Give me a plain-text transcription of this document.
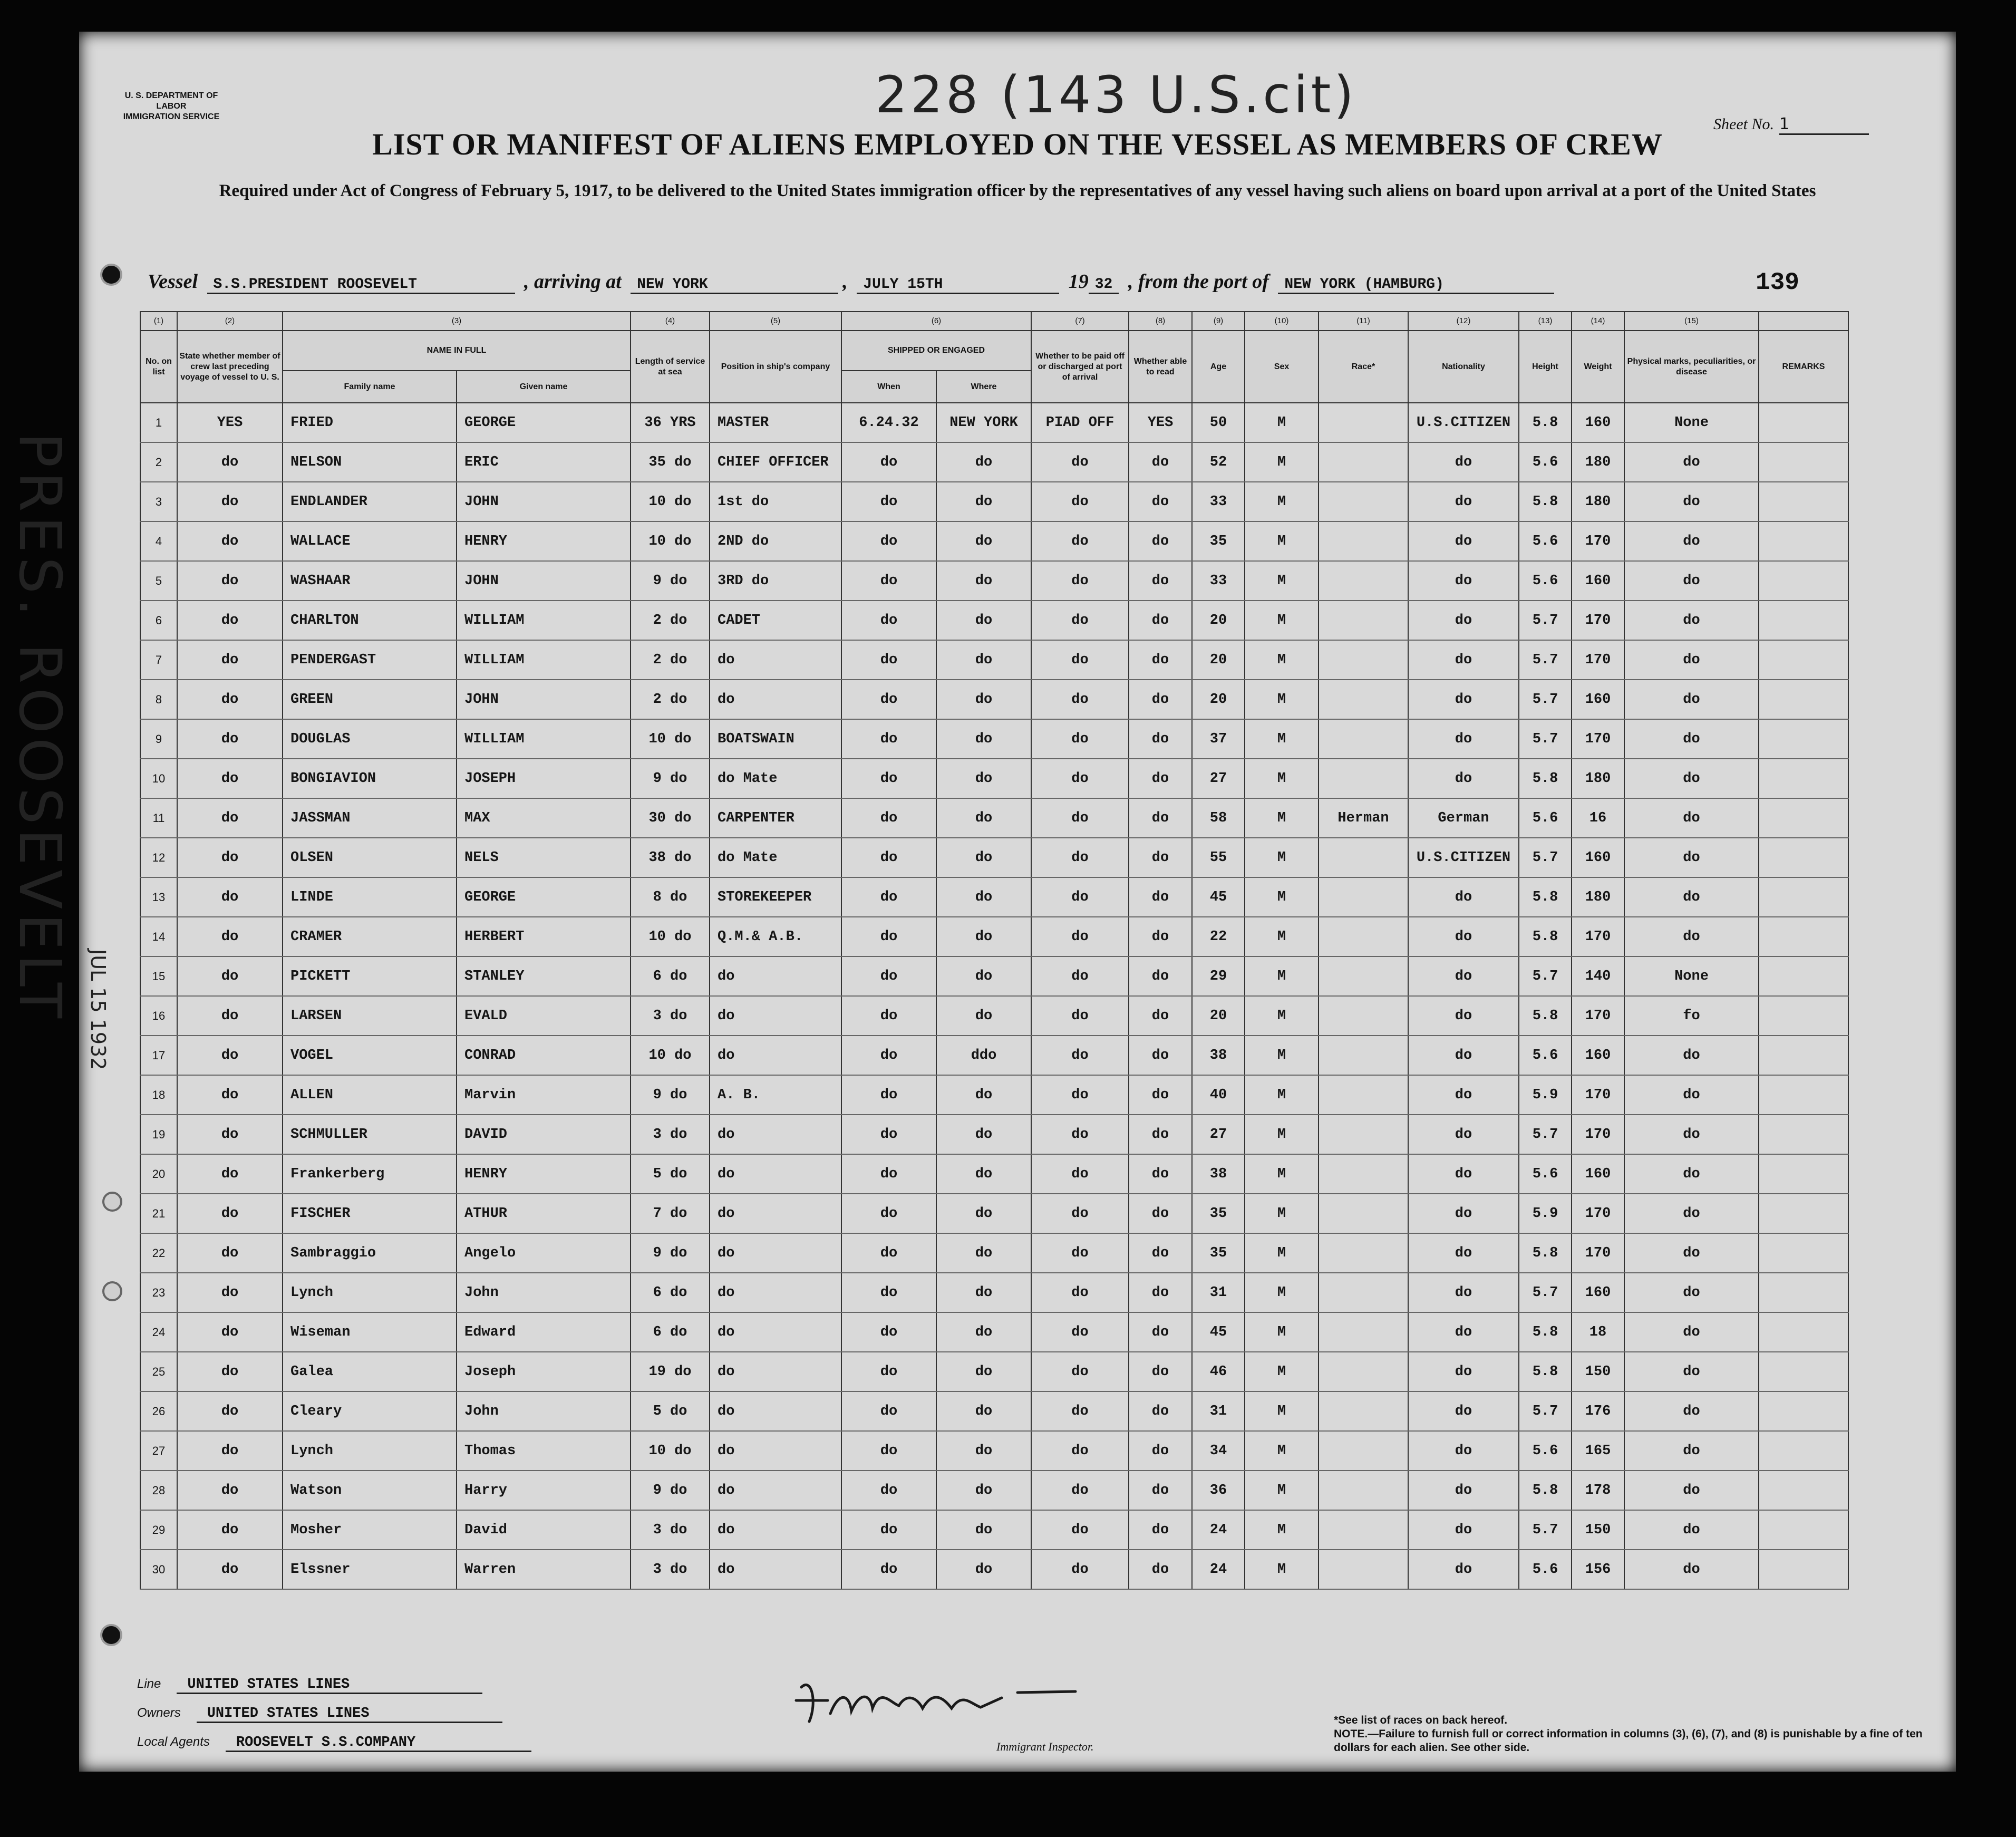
U. S. DEPARTMENT OF LABOR
IMMIGRATION SERVICE	228 (143 U.S.cit)	Sheet No. 1
LIST OR MANIFEST OF ALIENS EMPLOYED ON THE VESSEL AS MEMBERS OF CREW
Required under Act of Congress of February 5, 1917, to be delivered to the United States immigration officer by the representatives of any vessel having such aliens on board upon arrival at a port of the United States
Vessel S.S.PRESIDENT ROOSEVELT	, arriving at NEW YORK	, JULY 15TH	19 32 , from the port of NEW YORK (HAMBURG)	139
(1)	(2)	(3)		(4)	(5)	(6)		(7)	(8)	(9)	(10)	(11)	(12)	(13)	(14)	(15)	
No. on list	State whether member of crew last preceding voyage of vessel to U. S.	NAME IN FULL		Length of service at sea	Position in ship's company	SHIPPED OR ENGAGED		Whether to be paid off or discharged at port of arrival	Whether able to read	Age	Sex	Race*	Nationality	Height	Weight	Physical marks, peculiarities, or disease	REMARKS
		Family name	Given name			When	Where										
1	YES	FRIED	GEORGE	36 YRS	MASTER	6.24.32	NEW YORK	PIAD OFF	YES	50	M		U.S.CITIZEN	5.8	160	None	
2	do	NELSON	ERIC	35 do	CHIEF OFFICER	do	do	do	do	52	M		do	5.6	180	do	
3	do	ENDLANDER	JOHN	10 do	1st do	do	do	do	do	33	M		do	5.8	180	do	
4	do	WALLACE	HENRY	10 do	2ND do	do	do	do	do	35	M		do	5.6	170	do	
5	do	WASHAAR	JOHN	9 do	3RD do	do	do	do	do	33	M		do	5.6	160	do	
6	do	CHARLTON	WILLIAM	2 do	CADET	do	do	do	do	20	M		do	5.7	170	do	
7	do	PENDERGAST	WILLIAM	2 do	do	do	do	do	do	20	M		do	5.7	170	do	
8	do	GREEN	JOHN	2 do	do	do	do	do	do	20	M		do	5.7	160	do	
9	do	DOUGLAS	WILLIAM	10 do	BOATSWAIN	do	do	do	do	37	M		do	5.7	170	do	
10	do	BONGIAVION	JOSEPH	9 do	do Mate	do	do	do	do	27	M		do	5.8	180	do	
11	do	JASSMAN	MAX	30 do	CARPENTER	do	do	do	do	58	M	Herman	German	5.6	16	do	
12	do	OLSEN	NELS	38 do	do Mate	do	do	do	do	55	M		U.S.CITIZEN	5.7	160	do	
13	do	LINDE	GEORGE	8 do	STOREKEEPER	do	do	do	do	45	M		do	5.8	180	do	
14	do	CRAMER	HERBERT	10 do	Q.M.& A.B.	do	do	do	do	22	M		do	5.8	170	do	
15	do	PICKETT	STANLEY	6 do	do	do	do	do	do	29	M		do	5.7	140	None	
16	do	LARSEN	EVALD	3 do	do	do	do	do	do	20	M		do	5.8	170	fo	
17	do	VOGEL	CONRAD	10 do	do	do	ddo	do	do	38	M		do	5.6	160	do	
18	do	ALLEN	Marvin	9 do	A. B.	do	do	do	do	40	M		do	5.9	170	do	
19	do	SCHMULLER	DAVID	3 do	do	do	do	do	do	27	M		do	5.7	170	do	
20	do	Frankerberg	HENRY	5 do	do	do	do	do	do	38	M		do	5.6	160	do	
21	do	FISCHER	ATHUR	7 do	do	do	do	do	do	35	M		do	5.9	170	do	
22	do	Sambraggio	Angelo	9 do	do	do	do	do	do	35	M		do	5.8	170	do	
23	do	Lynch	John	6 do	do	do	do	do	do	31	M		do	5.7	160	do	
24	do	Wiseman	Edward	6 do	do	do	do	do	do	45	M		do	5.8	18	do	
25	do	Galea	Joseph	19 do	do	do	do	do	do	46	M		do	5.8	150	do	
26	do	Cleary	John	5 do	do	do	do	do	do	31	M		do	5.7	176	do	
27	do	Lynch	Thomas	10 do	do	do	do	do	do	34	M		do	5.6	165	do	
28	do	Watson	Harry	9 do	do	do	do	do	do	36	M		do	5.8	178	do	
29	do	Mosher	David	3 do	do	do	do	do	do	24	M		do	5.7	150	do	
30	do	Elssner	Warren	3 do	do	do	do	do	do	24	M		do	5.6	156	do	
PRES. ROOSEVELT JUL 15 1932
Line UNITED STATES LINES
Owners UNITED STATES LINES
Local Agents ROOSEVELT S.S.COMPANY	Immigrant Inspector.
*See list of races on back hereof.
NOTE.—Failure to furnish full or correct information in columns (3), (6), (7), and (8) is punishable by a fine of ten dollars for each alien. See other side.
